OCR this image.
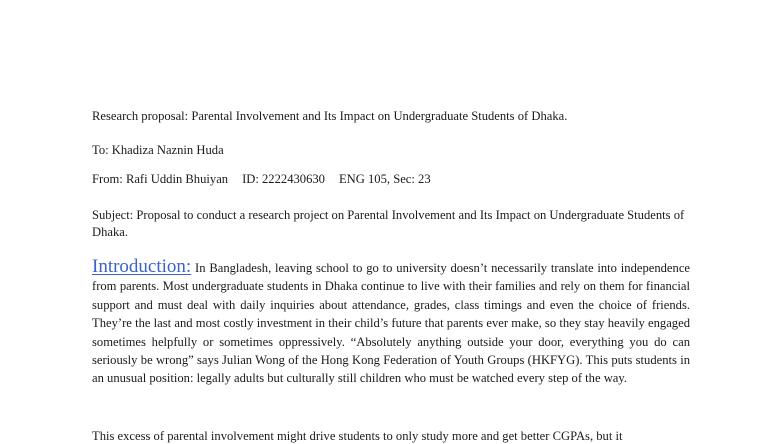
Research proposal: Parental Involvement and Its Impact on Undergraduate Students of Dhaka.

To: Khadiza Naznin Huda

From: Rafi Uddin Bhuiyan ID: 2222430630 ENG 105, Sec: 23

Subject: Proposal to conduct a research project on Parental Involvement and Its Impact on Undergraduate Students of Dhaka.

Introduction: In Bangladesh, leaving school to go to university doesn’t necessarily translate into independence from parents. Most undergraduate students in Dhaka continue to live with their families and rely on them for financial support and must deal with daily inquiries about attendance, grades, class timings and even the choice of friends. They’re the last and most costly investment in their child’s future that parents ever make, so they stay heavily engaged sometimes helpfully or sometimes oppressively. “Absolutely anything outside your door, everything you do can seriously be wrong” says Julian Wong of the Hong Kong Federation of Youth Groups (HKFYG). This puts students in an unusual position: legally adults but culturally still children who must be watched every step of the way.

This excess of parental involvement might drive students to only study more and get better CGPAs, but it
